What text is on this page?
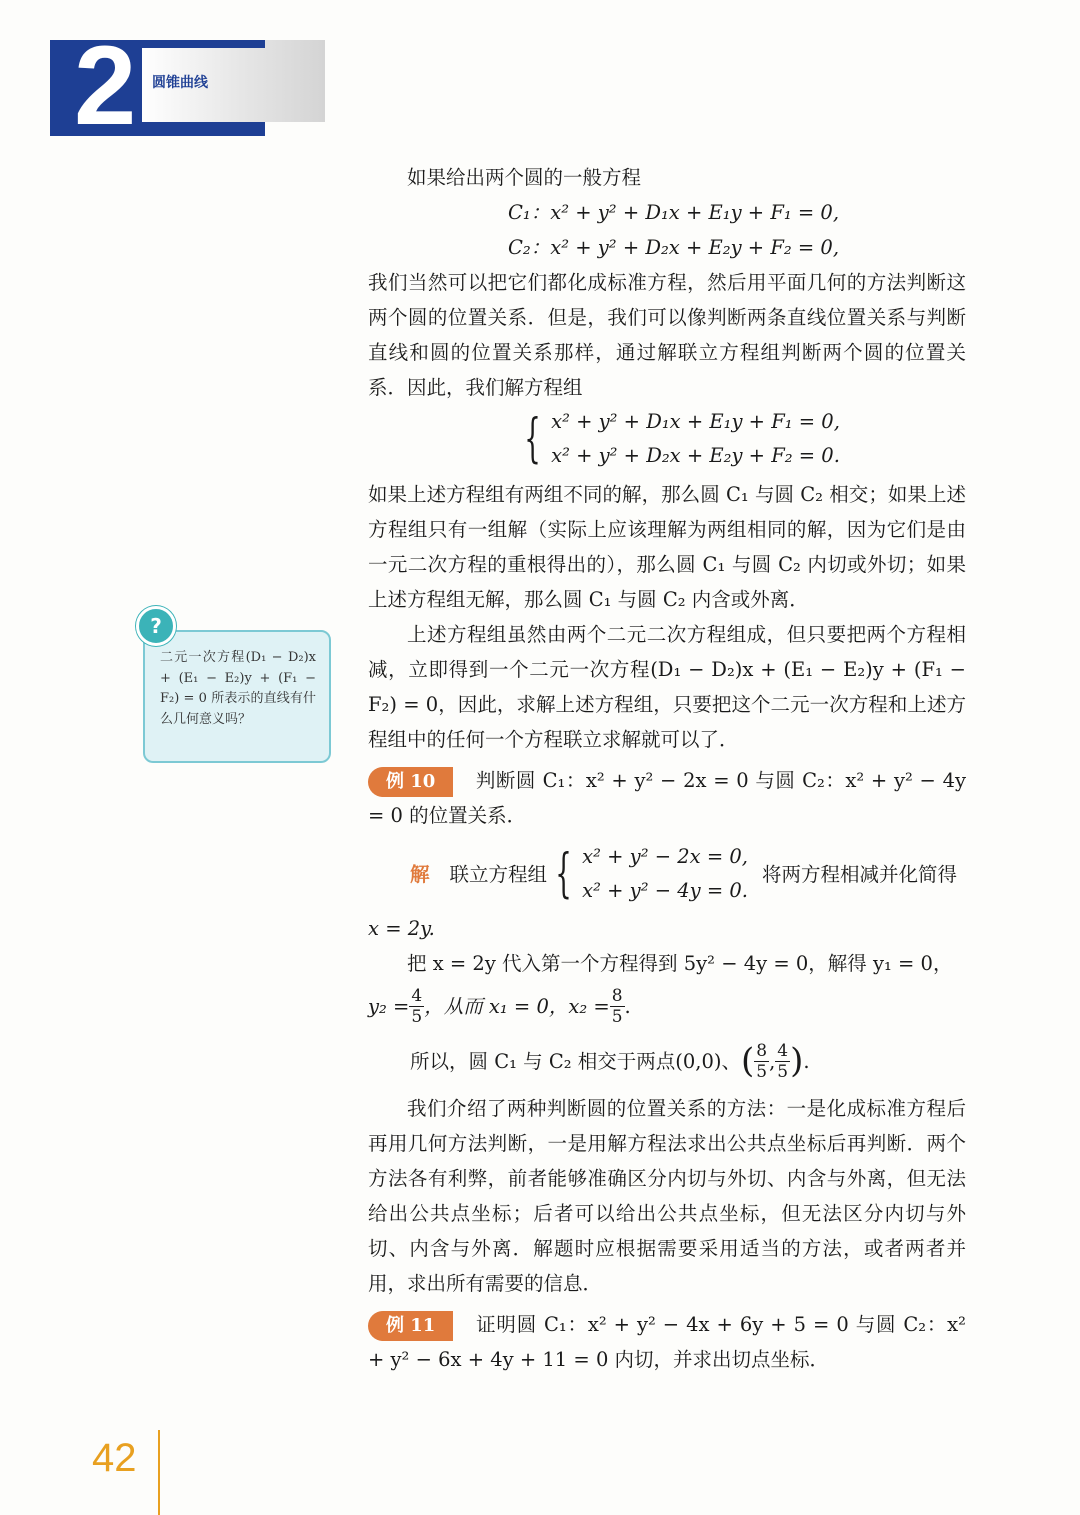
2	圆锥曲线
?
二元一次方程(D₁ − D₂)x + (E₁ − E₂)y + (F₁ − F₂) = 0 所表示的直线有什么几何意义吗？

如果给出两个圆的一般方程

C₁：x² + y² + D₁x + E₁y + F₁ = 0,

C₂：x² + y² + D₂x + E₂y + F₂ = 0,

我们当然可以把它们都化成标准方程，然后用平面几何的方法判断这两个圆的位置关系．但是，我们可以像判断两条直线位置关系与判断直线和圆的位置关系那样，通过解联立方程组判断两个圆的位置关系．因此，我们解方程组

{ x² + y² + D₁x + E₁y + F₁ = 0,
x² + y² + D₂x + E₂y + F₂ = 0.

如果上述方程组有两组不同的解，那么圆 C₁ 与圆 C₂ 相交；如果上述方程组只有一组解（实际上应该理解为两组相同的解，因为它们是由一元二次方程的重根得出的），那么圆 C₁ 与圆 C₂ 内切或外切；如果上述方程组无解，那么圆 C₁ 与圆 C₂ 内含或外离．

上述方程组虽然由两个二元二次方程组成，但只要把两个方程相减，立即得到一个二元一次方程(D₁ − D₂)x + (E₁ − E₂)y + (F₁ − F₂) = 0，因此，求解上述方程组，只要把这个二元一次方程和上述方程组中的任何一个方程联立求解就可以了．

例 10 判断圆 C₁：x² + y² − 2x = 0 与圆 C₂：x² + y² − 4y = 0 的位置关系．

解 联立方程组 { x² + y² − 2x = 0,
x² + y² − 4y = 0.
将两方程相减并化简得

x = 2y.

把 x = 2y 代入第一个方程得到 5y² − 4y = 0，解得 y₁ = 0，

$y_2 = \frac{4}{5}$ ，从而 x₁ = 0，$x_2 = \frac{8}{5}$ .
所以，圆 C₁ 与 C₂ 相交于两点(0,0)、 ( $\frac{8}{5}$ , $\frac{4}{5}$ ) .

我们介绍了两种判断圆的位置关系的方法：一是化成标准方程后再用几何方法判断，一是用解方程法求出公共点坐标后再判断．两个方法各有利弊，前者能够准确区分内切与外切、内含与外离，但无法给出公共点坐标；后者可以给出公共点坐标，但无法区分内切与外切、内含与外离．解题时应根据需要采用适当的方法，或者两者并用，求出所有需要的信息．

例 11 证明圆 C₁：x² + y² − 4x + 6y + 5 = 0 与圆 C₂：x² + y² − 6x + 4y + 11 = 0 内切，并求出切点坐标．

42
